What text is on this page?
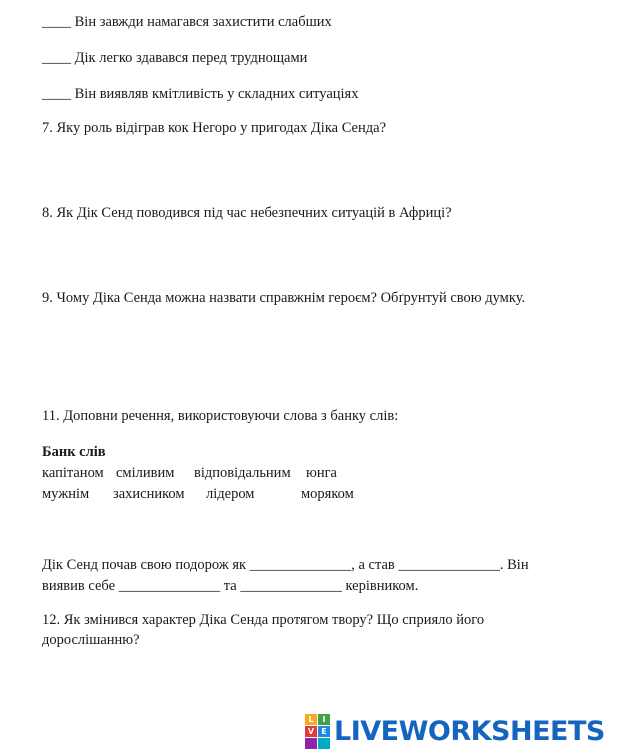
____ Він завжди намагався захистити слабших
____ Дік легко здавався перед труднощами
____ Він виявляв кмітливість у складних ситуаціях
7. Яку роль відіграв кок Негоро у пригодах Діка Сенда?
8. Як Дік Сенд поводився під час небезпечних ситуацій в Африці?
9. Чому Діка Сенда можна назвати справжнім героєм? Обґрунтуй свою думку.
11. Доповни речення, використовуючи слова з банку слів:
Банк слів
капітаном сміливим відповідальним юнга
мужнім захисником лідером	моряком
Дік Сенд почав свою подорож як ______________, а став ______________. Він
виявив себе ______________ та ______________ керівником.
12. Як змінився характер Діка Сенда протягом твору? Що сприяло його
дорослішанню?
L	I
V E LIVEWORKSHEETS
